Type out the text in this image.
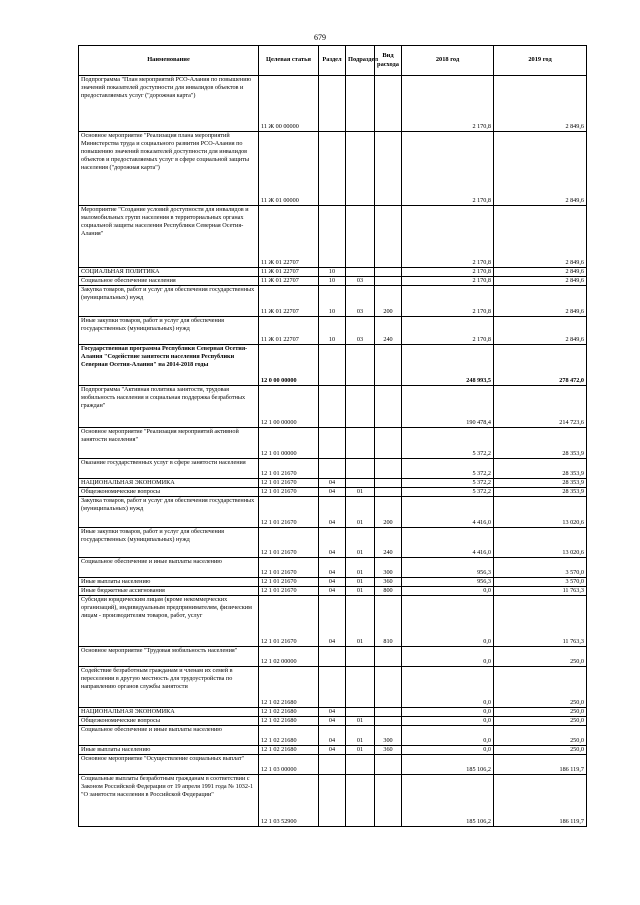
679
Наименование	Целевая статья	Раздел	Подраздел	Вид расхода	2018 год	2019 год
Подпрограмма "План мероприятий РСО-Алания по повышению значений показателей доступности для инвалидов объектов и предоставляемых услуг ("дорожная карта")	11 Ж 00 00000				2 170,8	2 849,6
Основное мероприятие "Реализация плана мероприятий Министерства труда и социального развития РСО-Алания по повышению значений показателей доступности для инвалидов объектов и предоставляемых услуг в сфере социальной защиты населения ("дорожная карта")	11 Ж 01 00000				2 170,8	2 849,6
Мероприятие "Создание условий доступности для инвалидов и маломобильных групп населения в территориальных органах социальной защиты населения Республики Северная Осетия-Алания"	11 Ж 01 22707				2 170,8	2 849,6
СОЦИАЛЬНАЯ ПОЛИТИКА	11 Ж 01 22707	10			2 170,8	2 849,6
Социальное обеспечение населения	11 Ж 01 22707	10	03		2 170,8	2 849,6
Закупка товаров, работ и услуг для обеспечения государственных (муниципальных) нужд	11 Ж 01 22707	10	03	200	2 170,8	2 849,6
Иные закупки товаров, работ и услуг для обеспечения государственных (муниципальных) нужд	11 Ж 01 22707	10	03	240	2 170,8	2 849,6
Государственная программа Республики Северная Осетия-Алания "Содействие занятости населения Республики Северная Осетия-Алания" на 2014-2018 годы	12 0 00 00000				248 993,5	278 472,0
Подпрограмма "Активная политика занятости, трудовая мобильность населения и социальная поддержка безработных граждан"	12 1 00 00000				190 478,4	214 723,6
Основное мероприятие "Реализация мероприятий активной занятости населения"	12 1 01 00000				5 372,2	28 353,9
Оказание государственных услуг в сфере занятости населения	12 1 01 21670				5 372,2	28 353,9
НАЦИОНАЛЬНАЯ ЭКОНОМИКА	12 1 01 21670	04			5 372,2	28 353,9
Общеэкономические вопросы	12 1 01 21670	04	01		5 372,2	28 353,9
Закупка товаров, работ и услуг для обеспечения государственных (муниципальных) нужд	12 1 01 21670	04	01	200	4 416,0	13 020,6
Иные закупки товаров, работ и услуг для обеспечения государственных (муниципальных) нужд	12 1 01 21670	04	01	240	4 416,0	13 020,6
Социальное обеспечение и иные выплаты населению	12 1 01 21670	04	01	300	956,3	3 570,0
Иные выплаты населению	12 1 01 21670	04	01	360	956,3	3 570,0
Иные бюджетные ассигнования	12 1 01 21670	04	01	800	0,0	11 763,3
Субсидии юридическим лицам (кроме некоммерческих организаций), индивидуальным предпринимателям, физическим лицам - производителям товаров, работ, услуг	12 1 01 21670	04	01	810	0,0	11 763,3
Основное мероприятие "Трудовая мобильность населения"	12 1 02 00000				0,0	250,0
Содействие безработным гражданам и членам их семей в переселении в другую местность для трудоустройства по направлению органов службы занятости	12 1 02 21680				0,0	250,0
НАЦИОНАЛЬНАЯ ЭКОНОМИКА	12 1 02 21680	04			0,0	250,0
Общеэкономические вопросы	12 1 02 21680	04	01		0,0	250,0
Социальное обеспечение и иные выплаты населению	12 1 02 21680	04	01	300	0,0	250,0
Иные выплаты населению	12 1 02 21680	04	01	360	0,0	250,0
Основное мероприятие "Осуществление социальных выплат"	12 1 03 00000				185 106,2	186 119,7
Социальные выплаты безработным гражданам в соответствии с Законом Российской Федерации от 19 апреля 1991 года № 1032-1 "О занятости населения в Российской Федерации"	12 1 03 52900				185 106,2	186 119,7
